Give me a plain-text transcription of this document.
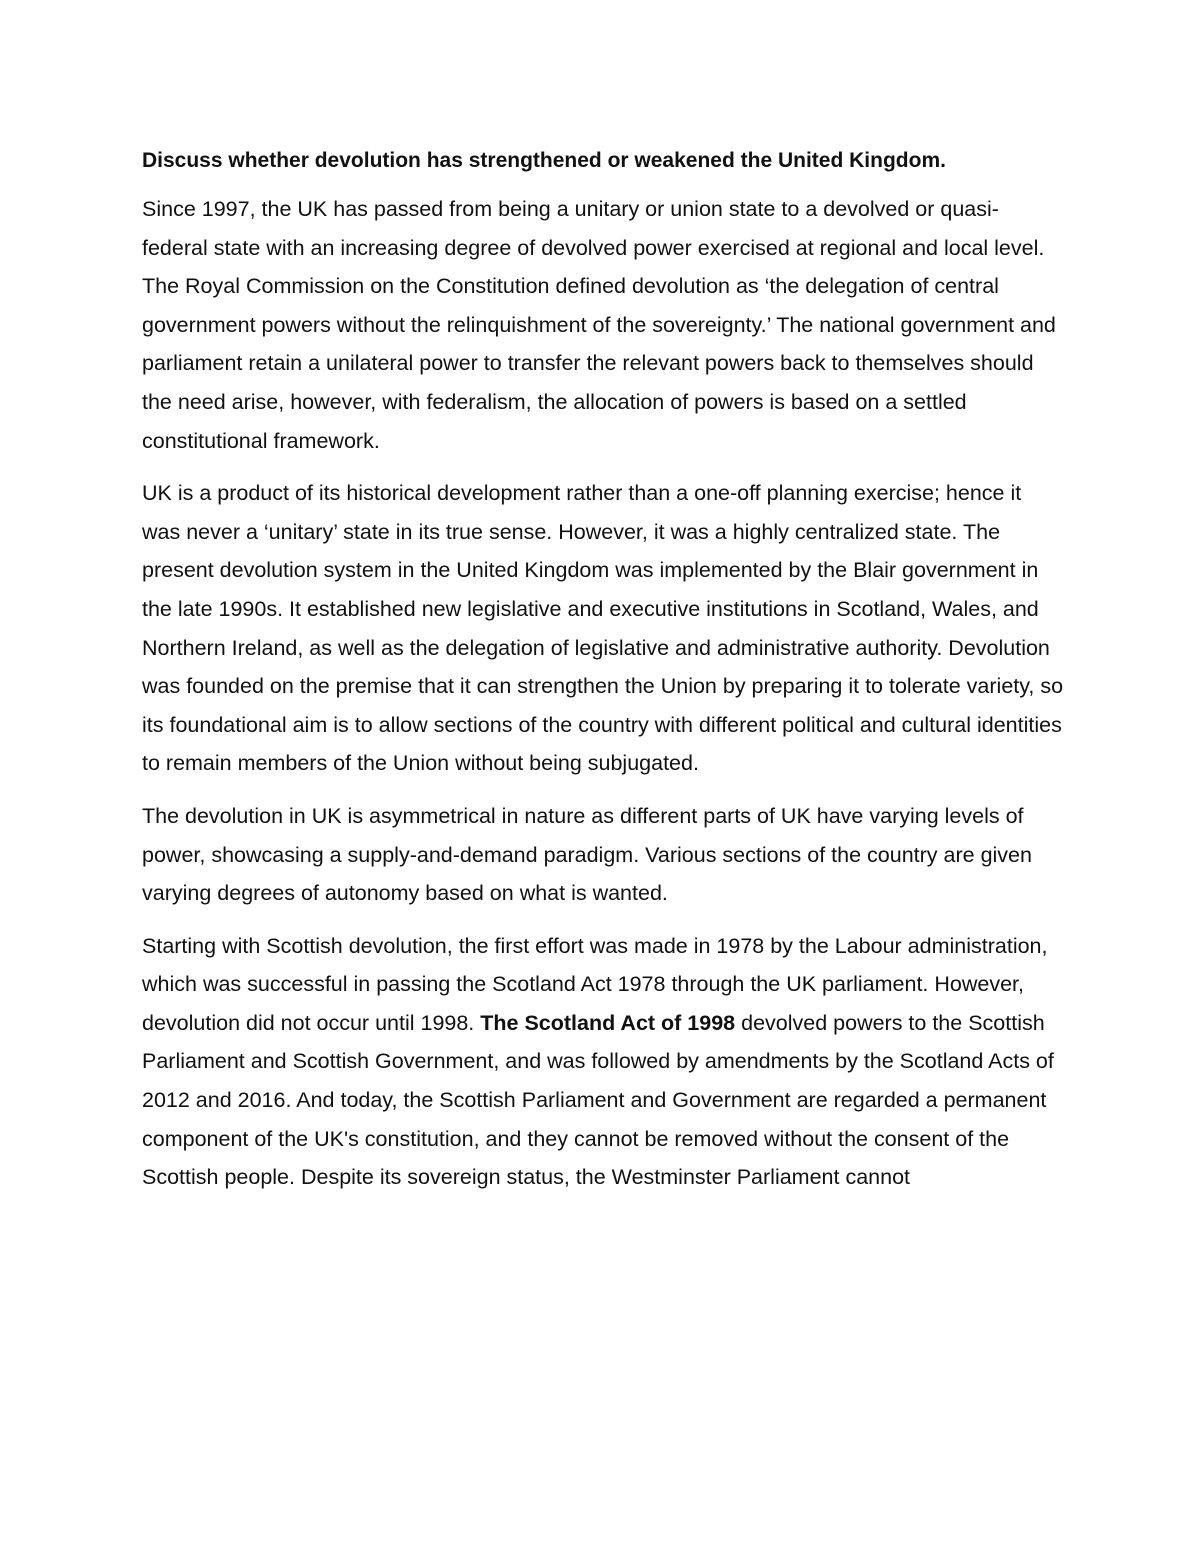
Discuss whether devolution has strengthened or weakened the United Kingdom.

Since 1997, the UK has passed from being a unitary or union state to a devolved or quasi-federal state with an increasing degree of devolved power exercised at regional and local level. The Royal Commission on the Constitution defined devolution as ‘the delegation of central government powers without the relinquishment of the sovereignty.’ The national government and parliament retain a unilateral power to transfer the relevant powers back to themselves should the need arise, however, with federalism, the allocation of powers is based on a settled constitutional framework.

UK is a product of its historical development rather than a one-off planning exercise; hence it was never a ‘unitary’ state in its true sense. However, it was a highly centralized state. The present devolution system in the United Kingdom was implemented by the Blair government in the late 1990s. It established new legislative and executive institutions in Scotland, Wales, and Northern Ireland, as well as the delegation of legislative and administrative authority. Devolution was founded on the premise that it can strengthen the Union by preparing it to tolerate variety, so its foundational aim is to allow sections of the country with different political and cultural identities to remain members of the Union without being subjugated.

The devolution in UK is asymmetrical in nature as different parts of UK have varying levels of power, showcasing a supply-and-demand paradigm. Various sections of the country are given varying degrees of autonomy based on what is wanted.

Starting with Scottish devolution, the first effort was made in 1978 by the Labour administration, which was successful in passing the Scotland Act 1978 through the UK parliament. However, devolution did not occur until 1998. The Scotland Act of 1998 devolved powers to the Scottish Parliament and Scottish Government, and was followed by amendments by the Scotland Acts of 2012 and 2016. And today, the Scottish Parliament and Government are regarded a permanent component of the UK's constitution, and they cannot be removed without the consent of the Scottish people. Despite its sovereign status, the Westminster Parliament cannot
